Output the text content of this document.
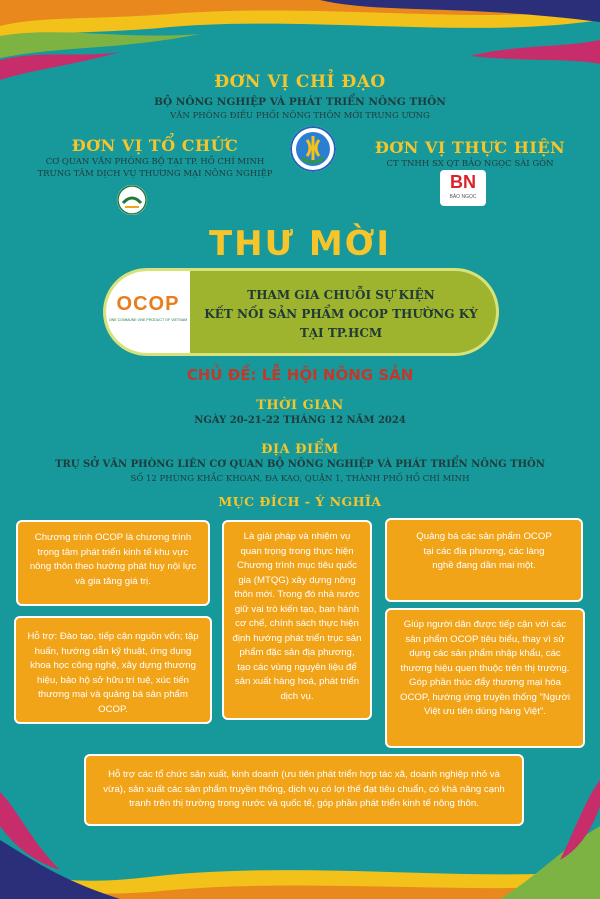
ĐƠN VỊ CHỈ ĐẠO
BỘ NÔNG NGHIỆP VÀ PHÁT TRIỂN NÔNG THÔN
VĂN PHÒNG ĐIỀU PHỐI NÔNG THÔN MỚI TRUNG ƯƠNG
ĐƠN VỊ TỔ CHỨC
CƠ QUAN VĂN PHÒNG BỘ TẠI TP. HỒ CHÍ MINH
TRUNG TÂM DỊCH VỤ THƯƠNG MẠI NÔNG NGHIỆP
ĐƠN VỊ THỰC HIỆN
CT TNHH SX QT BẢO NGỌC SÀI GÒN
BN
BẢO NGỌC
THƯ MỜI
OCOP
ONE COMMUNE ONE PRODUCT OF VIETNAM
THAM GIA CHUỖI SỰ KIỆN
KẾT NỐI SẢN PHẨM OCOP THƯỜNG KỲ
TẠI TP.HCM
CHỦ ĐỀ: LỄ HỘI NÔNG SẢN
THỜI GIAN
NGÀY 20-21-22 THÁNG 12 NĂM 2024
ĐỊA ĐIỂM
TRỤ SỞ VĂN PHÒNG LIÊN CƠ QUAN BỘ NÔNG NGHIỆP VÀ PHÁT TRIỂN NÔNG THÔN
SỐ 12 PHÙNG KHẮC KHOAN, ĐA KAO, QUẬN 1, THÀNH PHỐ HỒ CHÍ MINH
MỤC ĐÍCH - Ý NGHĨA
Chương trình OCOP là chương trình trọng tâm phát triển kinh tế khu vực nông thôn theo hướng phát huy nội lực và gia tăng giá trị.
Hỗ trợ: Đào tạo, tiếp cận nguồn vốn; tập huấn, hướng dẫn kỹ thuật, ứng dụng khoa học công nghệ, xây dựng thương hiệu, bảo hộ sở hữu trí tuệ, xúc tiến thương mại và quảng bá sản phẩm OCOP.
Là giải pháp và nhiệm vụ quan trọng trong thực hiện Chương trình mục tiêu quốc gia (MTQG) xây dựng nông thôn mới. Trong đó nhà nước giữ vai trò kiến tạo, ban hành cơ chế, chính sách thực hiện định hướng phát triển trục sản phẩm đặc sản địa phương, tạo các vùng nguyên liệu để sản xuất hàng hoá, phát triển dịch vụ.
Quảng bá các sản phẩm OCOP tại các địa phương, các làng nghề đang dần mai một.
Giúp người dân được tiếp cận với các sản phẩm OCOP tiêu biểu, thay vì sử dụng các sản phẩm nhập khẩu, các thương hiệu quen thuộc trên thị trường. Góp phần thúc đẩy thương mại hóa OCOP, hướng ứng truyền thống "Người Việt ưu tiên dùng hàng Việt".
Hỗ trợ các tổ chức sản xuất, kinh doanh (ưu tiên phát triển hợp tác xã, doanh nghiệp nhỏ và vừa), sản xuất các sản phẩm truyền thống, dịch vụ có lợi thế đạt tiêu chuẩn, có khả năng cạnh tranh trên thị trường trong nước và quốc tế, góp phần phát triển kinh tế nông thôn.
